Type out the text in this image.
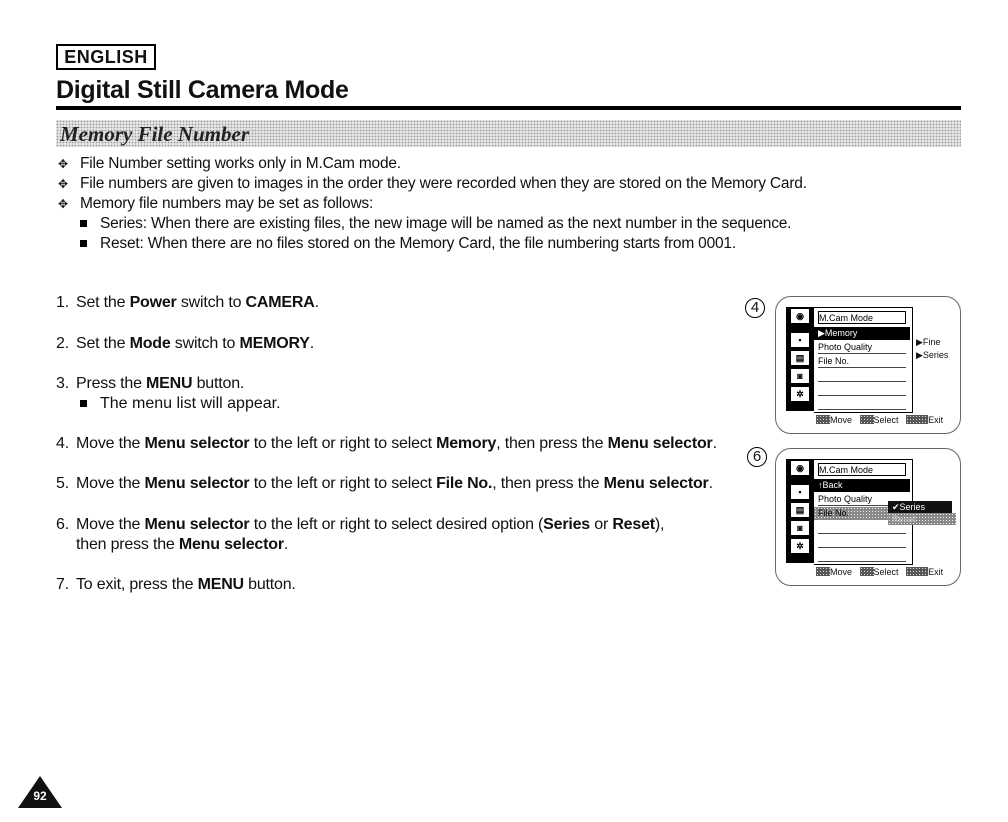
ENGLISH
Digital Still Camera Mode
Memory File Number
✥ File Number setting works only in M.Cam mode.
✥ File numbers are given to images in the order they were recorded when they are stored on the Memory Card.
✥ Memory file numbers may be set as follows:
Series: When there are existing files, the new image will be named as the next number in the sequence.
Reset: When there are no files stored on the Memory Card, the file numbering starts from 0001.
1. Set the Power switch to CAMERA.
2. Set the Mode switch to MEMORY.
3. Press the MENU button.
The menu list will appear.
4. Move the Menu selector to the left or right to select Memory, then press the Menu selector.
5. Move the Menu selector to the left or right to select File No., then press the Menu selector.
6. Move the Menu selector to the left or right to select desired option (Series or Reset),
then press the Menu selector.
7. To exit, press the MENU button.
4
6
◉
▪
▤
◙
✲
M.Cam Mode
▶Memory
Photo Quality
File No.
▶Fine
▶Series
Move Select	Exit
◉
▪
▤
◙
✲
M.Cam Mode
↑Back
Photo Quality
File No.
✔Series
Reset
Move Select	Exit
92
